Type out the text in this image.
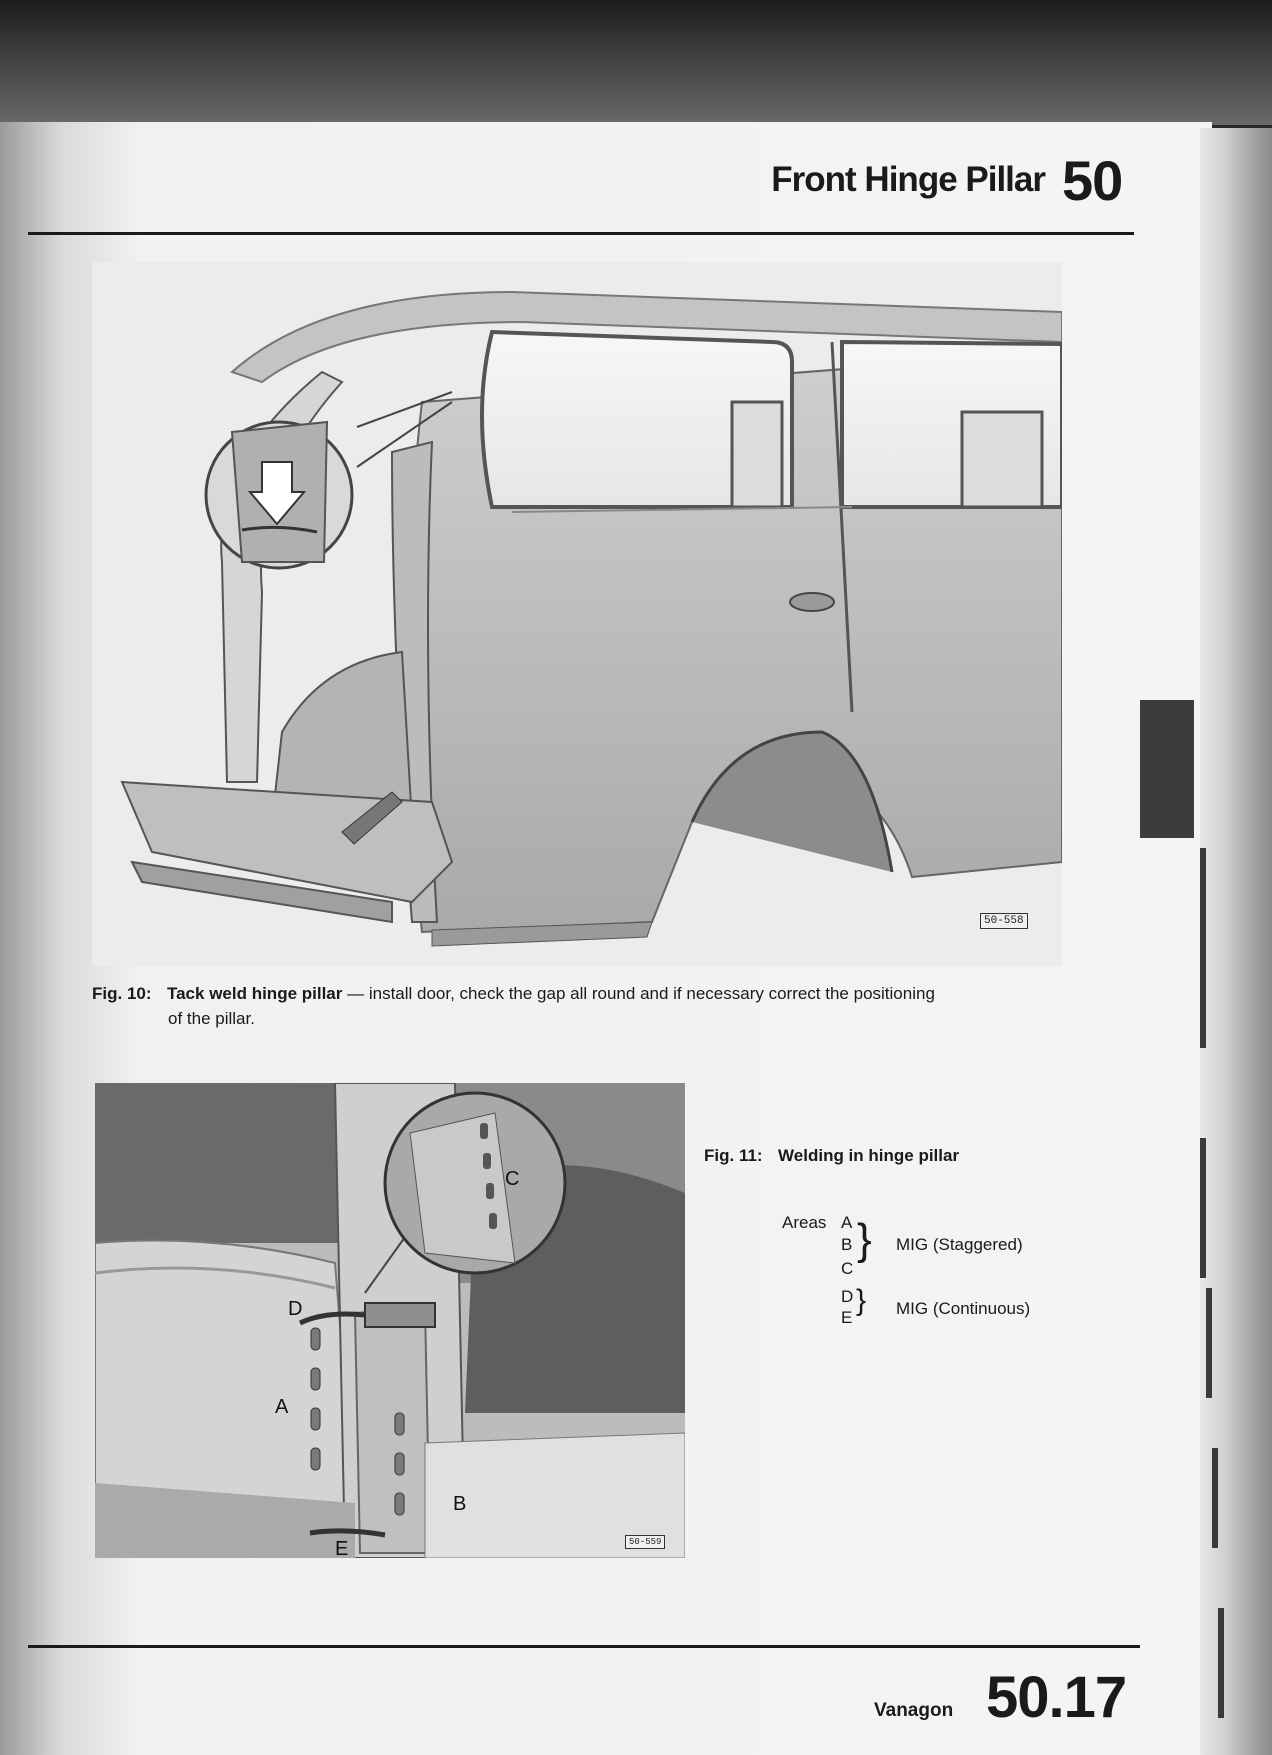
Front Hinge Pillar 50
50-558
Fig. 10: Tack weld hinge pillar — install door, check the gap all round and if necessary correct the positioning
of the pillar.
D
A
B
C
E	50-559
Fig. 11: Welding in hinge pillar
Areas A
B
C
} MIG (Staggered)
D
E
} MIG (Continuous)
Vanagon 50.17
